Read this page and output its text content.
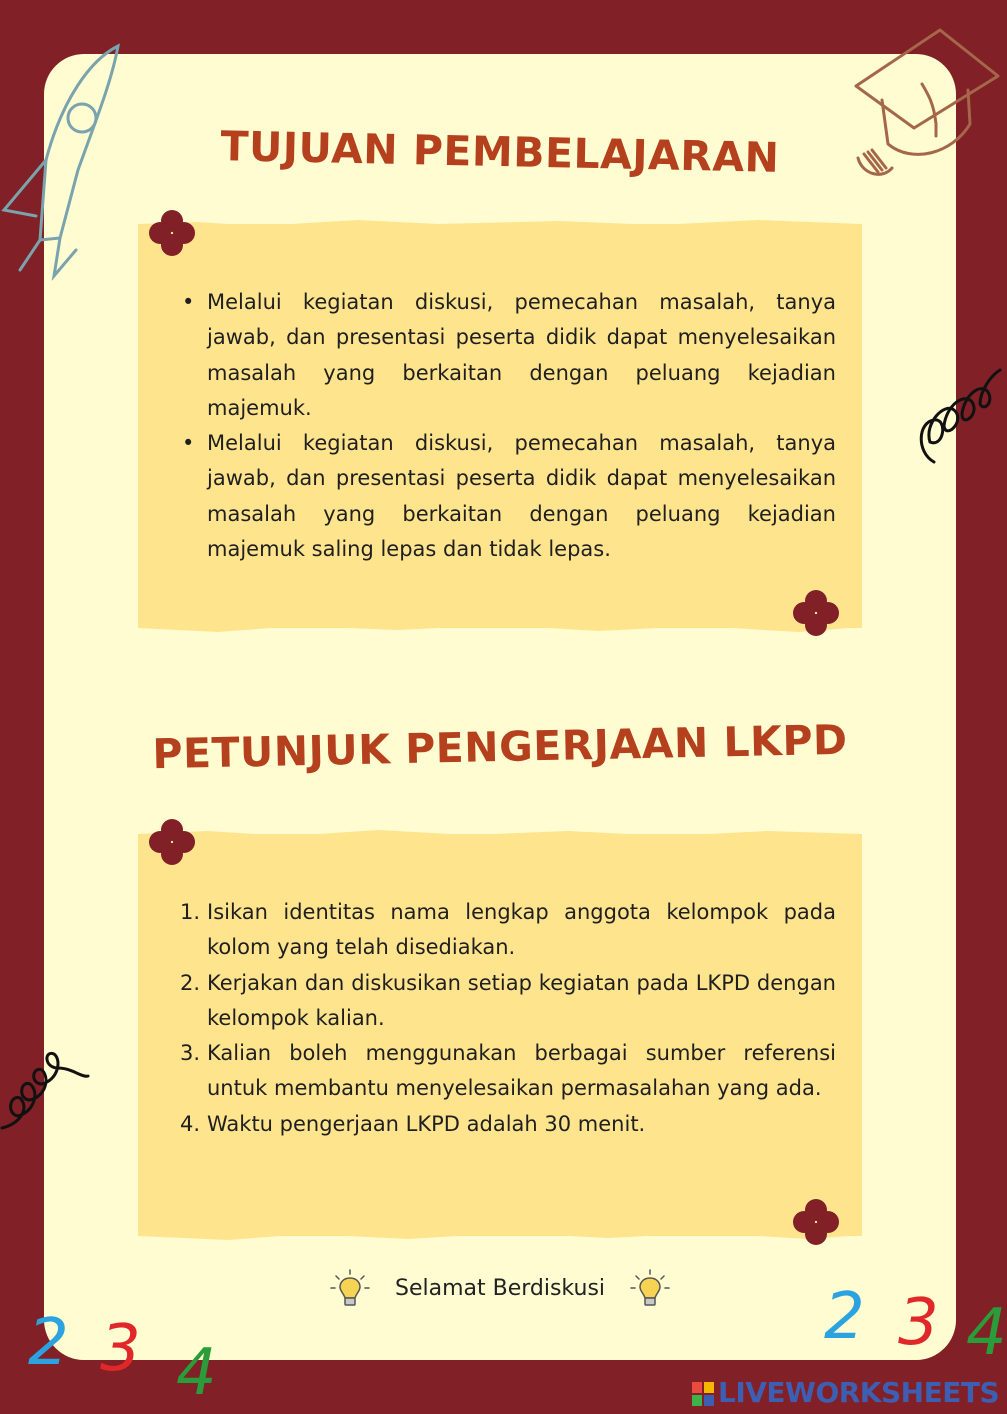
TUJUAN PEMBELAJARAN
• Melalui kegiatan diskusi, pemecahan masalah, tanya jawab, dan presentasi peserta didik dapat menyelesaikan masalah yang berkaitan dengan peluang kejadian majemuk.
• Melalui kegiatan diskusi, pemecahan masalah, tanya jawab, dan presentasi peserta didik dapat menyelesaikan masalah yang berkaitan dengan peluang kejadian majemuk saling lepas dan tidak lepas.
PETUNJUK PENGERJAAN LKPD
1. Isikan identitas nama lengkap anggota kelompok pada kolom yang telah disediakan.
2. Kerjakan dan diskusikan setiap kegiatan pada LKPD dengan kelompok kalian.
3. Kalian boleh menggunakan berbagai sumber referensi untuk membantu menyelesaikan permasalahan yang ada.
4. Waktu pengerjaan LKPD adalah 30 menit.
Selamat Berdiskusi
2 3 4
2 3 4
LIVEWORKSHEETS
